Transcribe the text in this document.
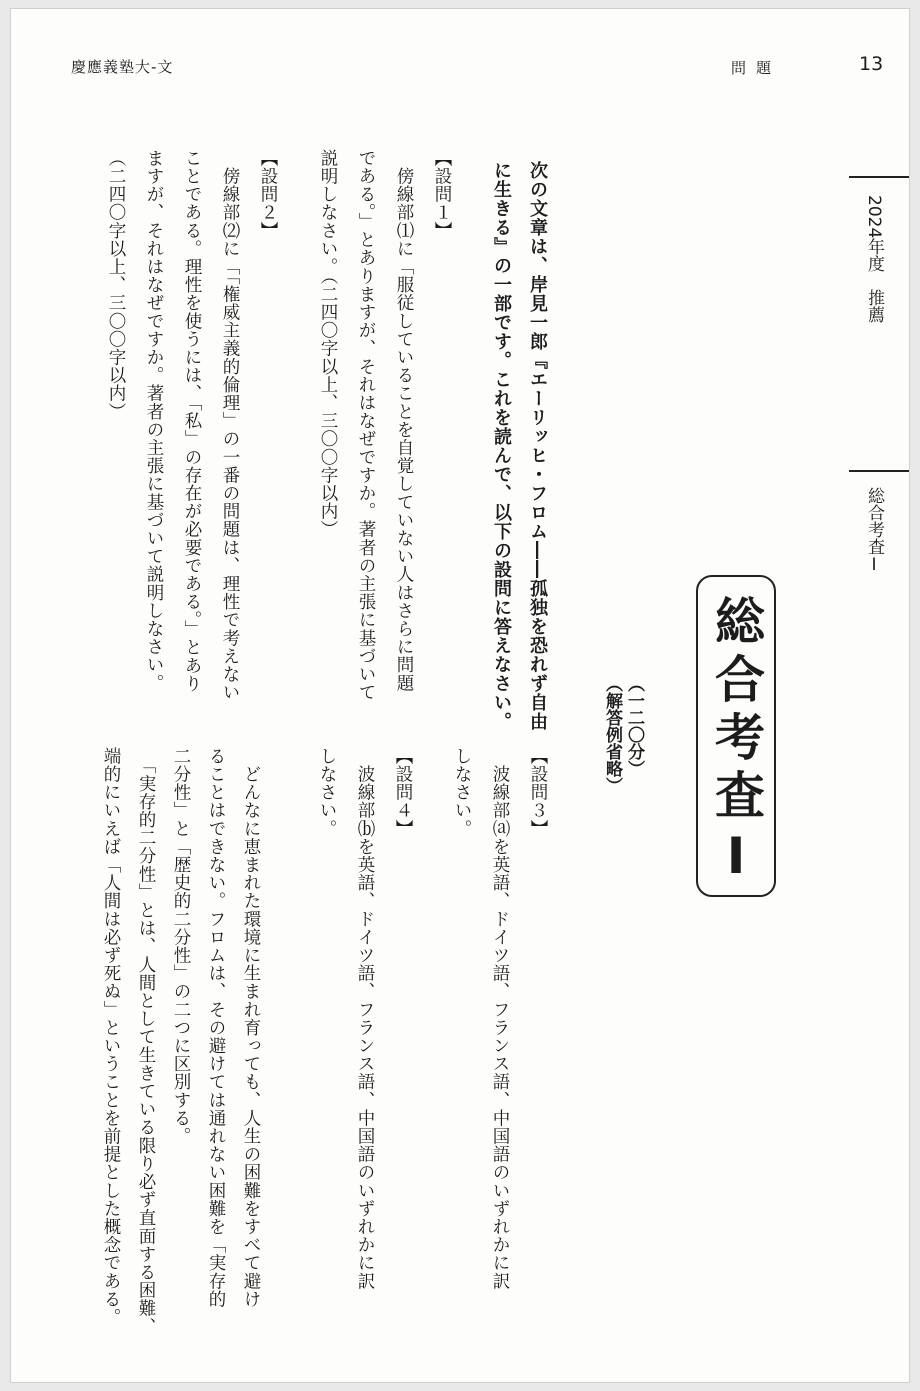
慶應義塾大-文	問題	13
2024年度　推薦
総合考査Ⅰ
総合考査Ⅰ
（一二〇分）
（解答例省略）
次の文章は、岸見一郎『エーリッヒ・フロム――孤独を恐れず自由
に生きる』の一部です。これを読んで、以下の設問に答えなさい。
【設問１】
　傍線部⑴に「服従していることを自覚していない人はさらに問題
である。」とありますが、それはなぜですか。著者の主張に基づいて
説明しなさい。（二四〇字以上、三〇〇字以内）
【設問２】
　傍線部⑵に「「権威主義的倫理」の一番の問題は、理性で考えない
ことである。理性を使うには、「私」の存在が必要である。」とあり
ますが、それはなぜですか。著者の主張に基づいて説明しなさい。
（二四〇字以上、三〇〇字以内）
【設問３】
　波線部⒜を英語、ドイツ語、フランス語、中国語のいずれかに訳
しなさい。
【設問４】
　波線部⒝を英語、ドイツ語、フランス語、中国語のいずれかに訳
しなさい。
　どんなに恵まれた環境に生まれ育っても、人生の困難をすべて避け
ることはできない。フロムは、その避けては通れない困難を「実存的
二分性」と「歴史的二分性」の二つに区別する。
　「実存的二分性」とは、人間として生きている限り必ず直面する困難、
端的にいえば「人間は必ず死ぬ」ということを前提とした概念である。
